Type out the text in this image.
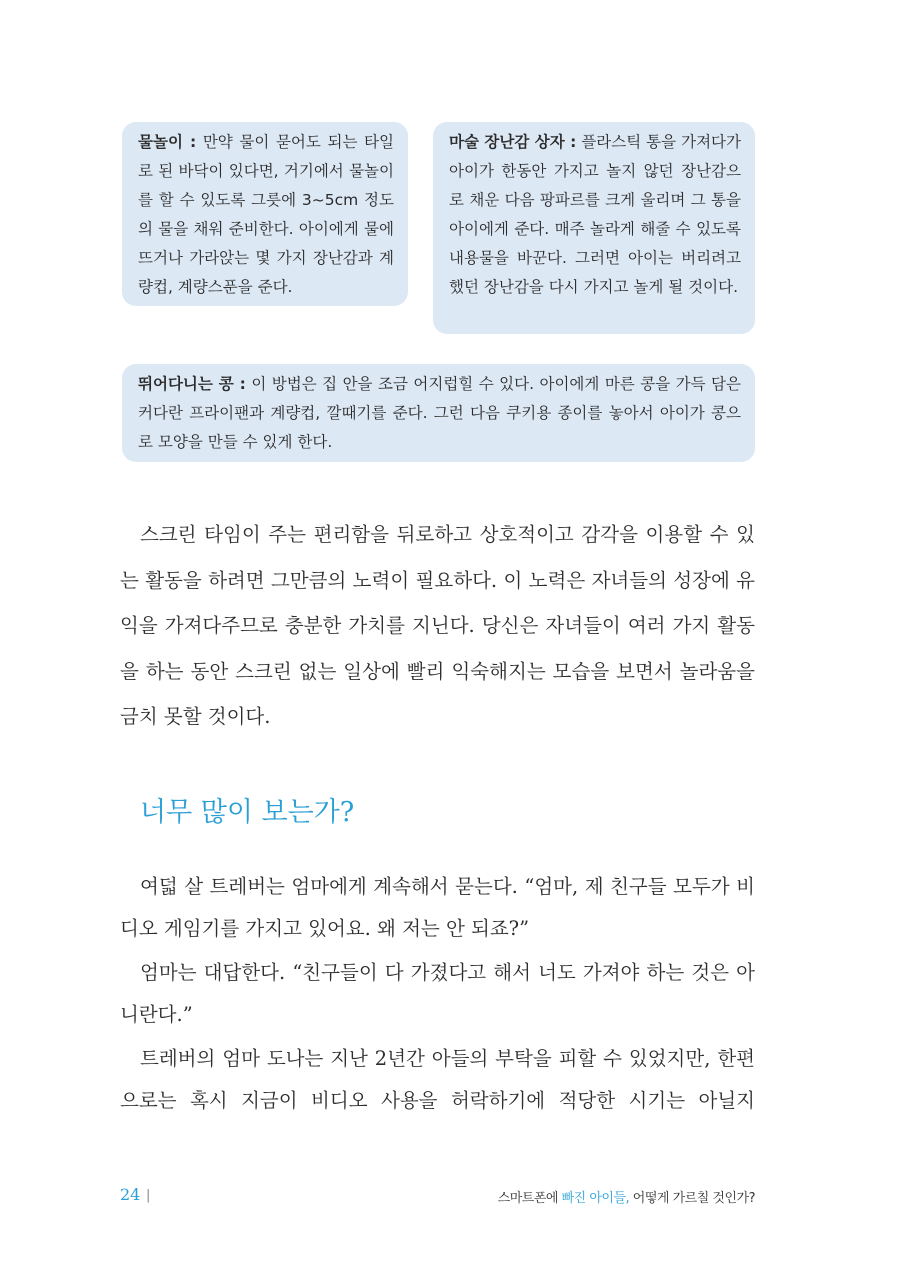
물놀이 : 만약 물이 묻어도 되는 타일로 된 바닥이 있다면, 거기에서 물놀이를 할 수 있도록 그릇에 3~5cm 정도의 물을 채워 준비한다. 아이에게 물에 뜨거나 가라앉는 몇 가지 장난감과 계량컵, 계량스푼을 준다.
마술 장난감 상자 : 플라스틱 통을 가져다가 아이가 한동안 가지고 놀지 않던 장난감으로 채운 다음 팡파르를 크게 울리며 그 통을 아이에게 준다. 매주 놀라게 해줄 수 있도록 내용물을 바꾼다. 그러면 아이는 버리려고 했던 장난감을 다시 가지고 놀게 될 것이다.
뛰어다니는 콩 : 이 방법은 집 안을 조금 어지럽힐 수 있다. 아이에게 마른 콩을 가득 담은 커다란 프라이팬과 계량컵, 깔때기를 준다. 그런 다음 쿠키용 종이를 놓아서 아이가 콩으로 모양을 만들 수 있게 한다.

스크린 타임이 주는 편리함을 뒤로하고 상호적이고 감각을 이용할 수 있는 활동을 하려면 그만큼의 노력이 필요하다. 이 노력은 자녀들의 성장에 유익을 가져다주므로 충분한 가치를 지닌다. 당신은 자녀들이 여러 가지 활동을 하는 동안 스크린 없는 일상에 빨리 익숙해지는 모습을 보면서 놀라움을 금치 못할 것이다.

너무 많이 보는가?

여덟 살 트레버는 엄마에게 계속해서 묻는다. “엄마, 제 친구들 모두가 비디오 게임기를 가지고 있어요. 왜 저는 안 되죠?”

엄마는 대답한다. “친구들이 다 가졌다고 해서 너도 가져야 하는 것은 아니란다.”

트레버의 엄마 도나는 지난 2년간 아들의 부탁을 피할 수 있었지만, 한편으로는 혹시 지금이 비디오 사용을 허락하기에 적당한 시기는 아닐지

24 |	스마트폰에 빠진 아이들, 어떻게 가르칠 것인가?
